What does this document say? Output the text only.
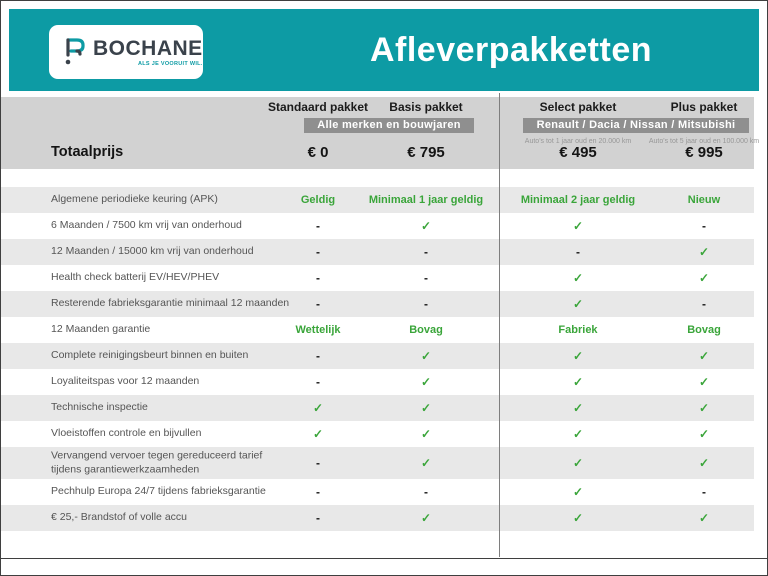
BOCHANE
ALS JE VOORUIT WIL.	Afleverpakketten
Standaard pakket	Basis pakket	Select pakket	Plus pakket
Alle merken en bouwjaren	Renault / Dacia / Nissan / Mitsubishi
Auto's tot 1 jaar oud en 20.000 km	Auto's tot 5 jaar oud en 100.000 km
Totaalprijs	€ 0	€ 795	€ 495	€ 995
Algemene periodieke keuring (APK)	Geldig	Minimaal 1 jaar geldig	Minimaal 2 jaar geldig	Nieuw
6 Maanden / 7500 km vrij van onderhoud	-	✓	✓	-
12 Maanden / 15000 km vrij van onderhoud	-	-	-	✓
Health check batterij EV/HEV/PHEV	-	-	✓	✓
Resterende fabrieksgarantie minimaal 12 maanden	-	-	✓	-
12 Maanden garantie	Wettelijk	Bovag	Fabriek	Bovag
Complete reinigingsbeurt binnen en buiten	-	✓	✓	✓
Loyaliteitspas voor 12 maanden	-	✓	✓	✓
Technische inspectie	✓	✓	✓	✓
Vloeistoffen controle en bijvullen	✓	✓	✓	✓
Vervangend vervoer tegen gereduceerd tarief
tijdens garantiewerkzaamheden	-	✓	✓	✓
Pechhulp Europa 24/7 tijdens fabrieksgarantie	-	-	✓	-
€ 25,- Brandstof of volle accu	-	✓	✓	✓
